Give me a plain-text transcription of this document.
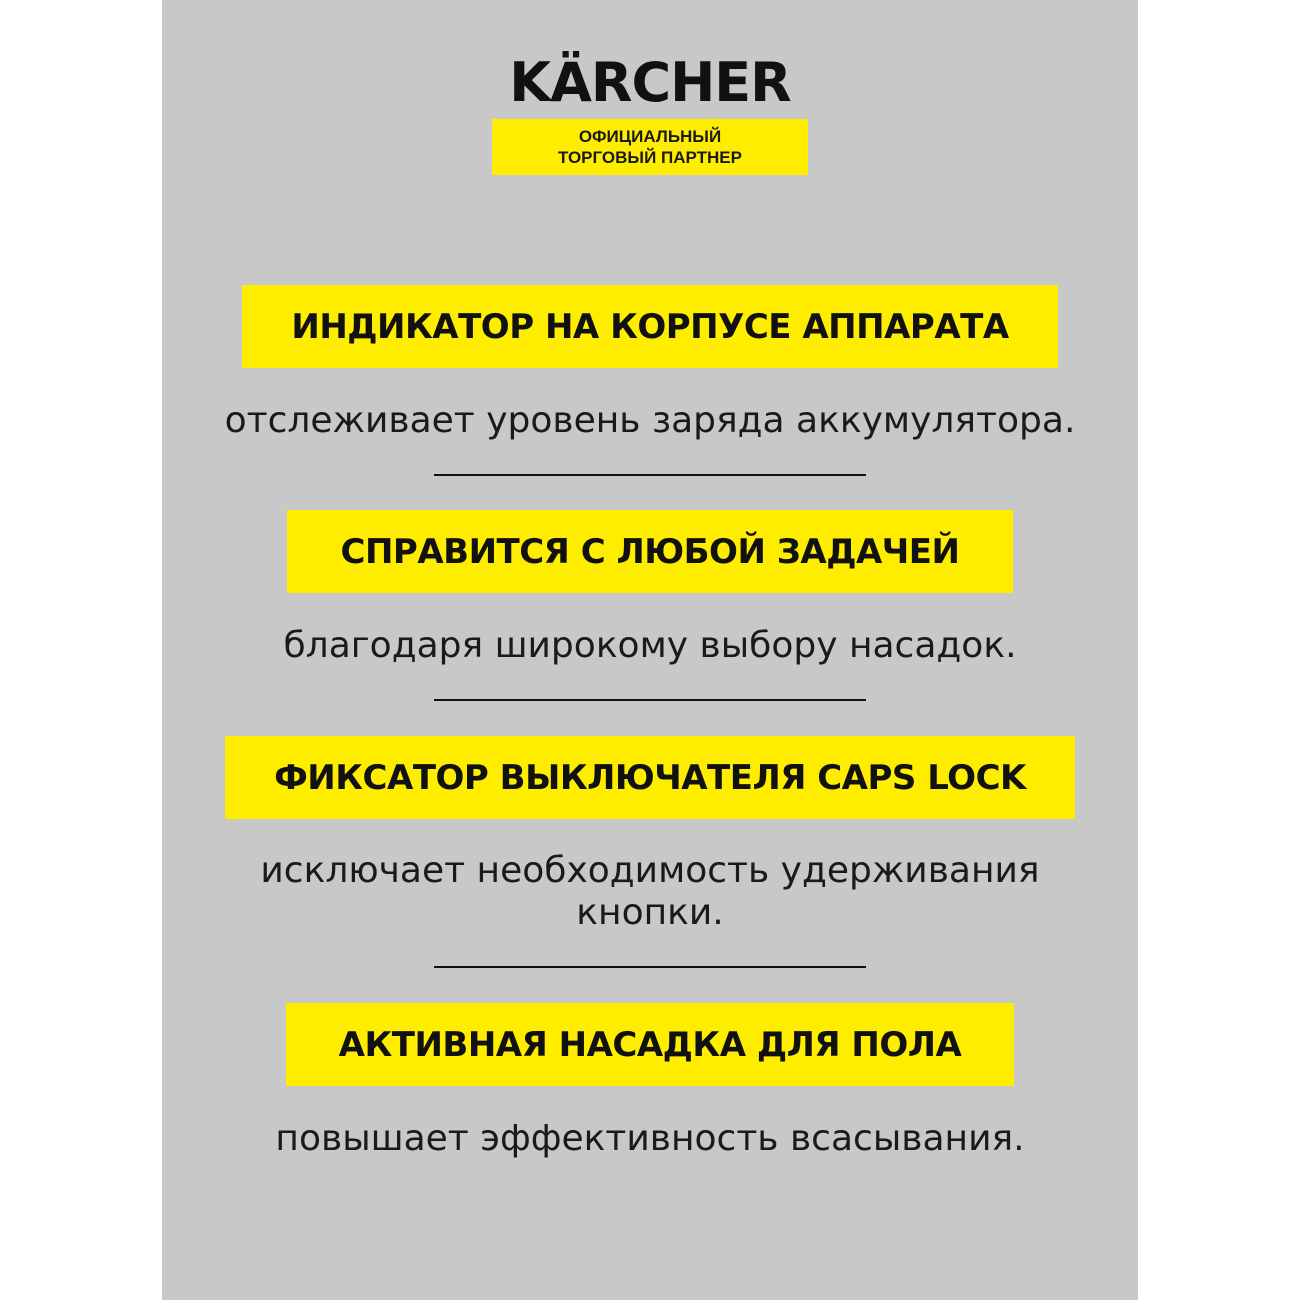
KÄRCHER
ОФИЦИАЛЬНЫЙ
ТОРГОВЫЙ ПАРТНЕР
ИНДИКАТОР НА КОРПУСЕ АППАРАТА
отслеживает уровень заряда аккумулятора.
СПРАВИТСЯ С ЛЮБОЙ ЗАДАЧЕЙ
благодаря широкому выбору насадок.
ФИКСАТОР ВЫКЛЮЧАТЕЛЯ CAPS LOCK
исключает необходимость удерживания
кнопки.
АКТИВНАЯ НАСАДКА ДЛЯ ПОЛА
повышает эффективность всасывания.
